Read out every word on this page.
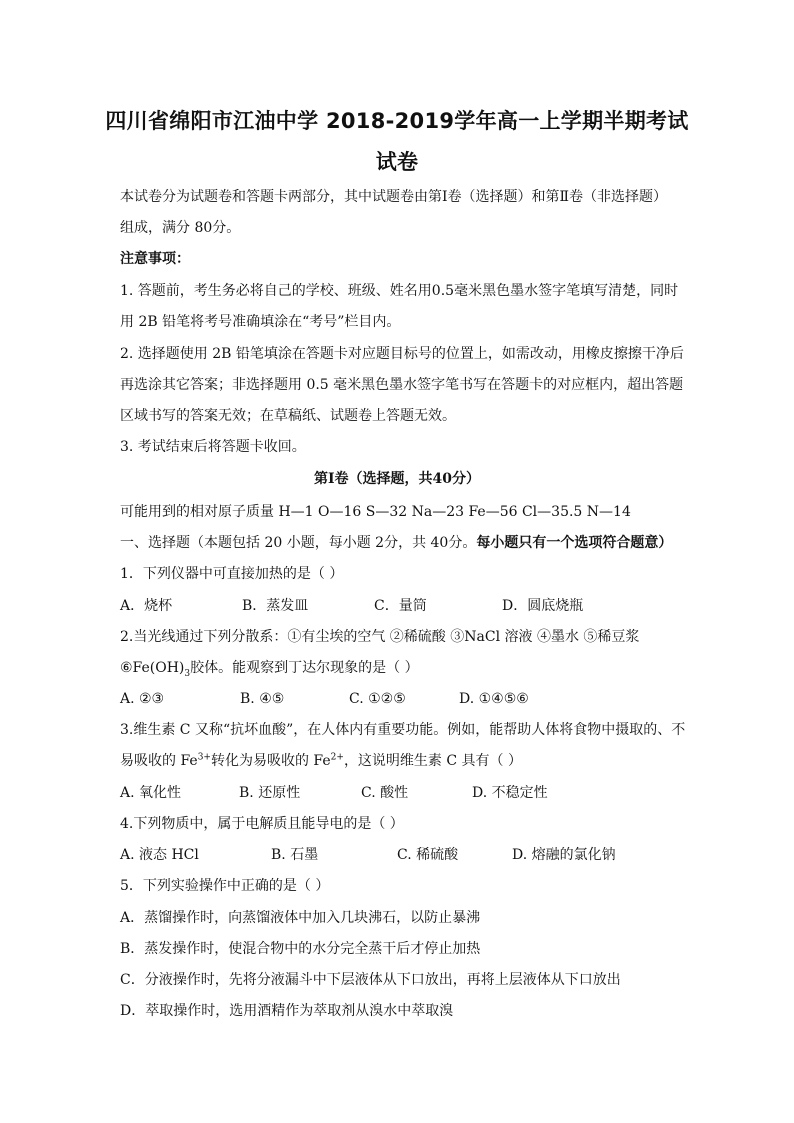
四川省绵阳市江油中学 2018-2019学年高一上学期半期考试
试卷
本试卷分为试题卷和答题卡两部分，其中试题卷由第Ⅰ卷（选择题）和第Ⅱ卷（非选择题）
组成，满分 80分。
注意事项：
1. 答题前，考生务必将自己的学校、班级、姓名用0.5毫米黑色墨水签字笔填写清楚，同时
用 2B 铅笔将考号准确填涂在“考号”栏目内。
2. 选择题使用 2B 铅笔填涂在答题卡对应题目标号的位置上，如需改动，用橡皮擦擦干净后
再选涂其它答案；非选择题用 0.5 毫米黑色墨水签字笔书写在答题卡的对应框内，超出答题
区域书写的答案无效；在草稿纸、试题卷上答题无效。
3. 考试结束后将答题卡收回。
第Ⅰ卷（选择题，共40分）
可能用到的相对原子质量 H—1 O—16 S—32 Na—23 Fe—56 Cl—35.5 N—14
一、选择题（本题包括 20 小题，每小题 2分，共 40分。每小题只有一个选项符合题意）
1．下列仪器中可直接加热的是（ ）
A．烧杯	B．蒸发皿	C．量筒	D．圆底烧瓶
2.当光线通过下列分散系：①有尘埃的空气 ②稀硫酸 ③NaCl 溶液 ④墨水 ⑤稀豆浆
$⑥Fe(OH)_3$胶体。能观察到丁达尔现象的是（ ）
A. ②③	B. ④⑤	C. ①②⑤	D. ①④⑤⑥
3.维生素 C 又称“抗坏血酸”，在人体内有重要功能。例如，能帮助人体将食物中摄取的、不
易吸收的 $Fe^{3+}$转化为易吸收的 $Fe^{2+}$，这说明维生素 C 具有（ ）
A. 氧化性	B. 还原性	C. 酸性	D. 不稳定性
4.下列物质中，属于电解质且能导电的是（ ）
A. 液态 HCl	B. 石墨	C. 稀硫酸	D. 熔融的氯化钠
5．下列实验操作中正确的是（ ）
A．蒸馏操作时，向蒸馏液体中加入几块沸石，以防止暴沸
B．蒸发操作时，使混合物中的水分完全蒸干后才停止加热
C．分液操作时，先将分液漏斗中下层液体从下口放出，再将上层液体从下口放出
D．萃取操作时，选用酒精作为萃取剂从溴水中萃取溴
